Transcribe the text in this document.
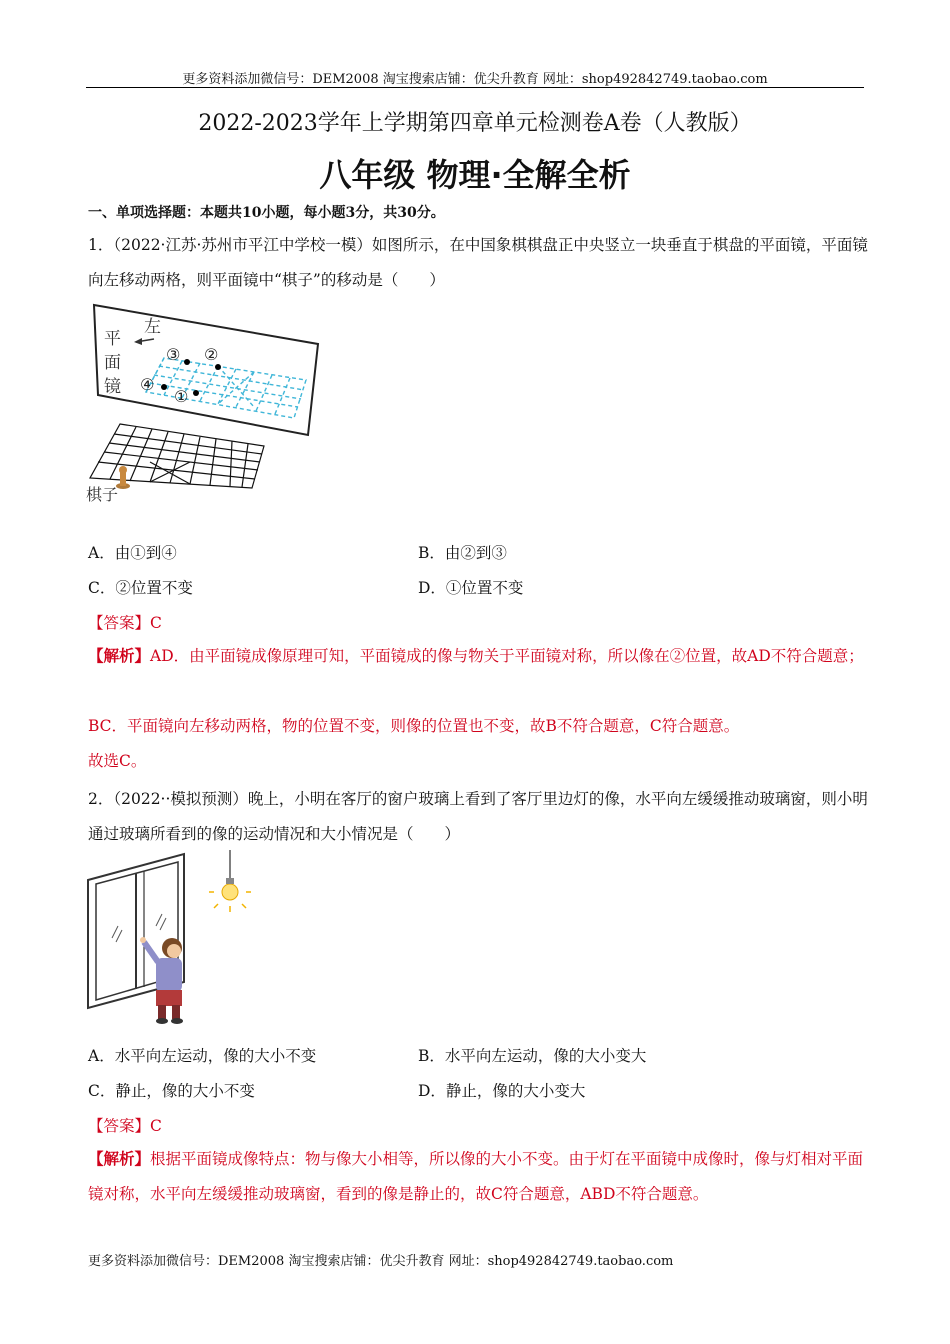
更多资料添加微信号：DEM2008 淘宝搜索店铺：优尖升教育 网址：shop492842749.taobao.com
2022-2023学年上学期第四章单元检测卷A卷（人教版）
八年级 物理·全解全析
一、单项选择题：本题共10小题，每小题3分，共30分。
1．（2022·江苏·苏州市平江中学校一模）如图所示，在中国象棋棋盘正中央竖立一块垂直于棋盘的平面镜，平面镜向左移动两格，则平面镜中“棋子”的移动是（　　）
平
面
镜
左
③ ②
④
①
棋子
A．由①到④	B．由②到③
C．②位置不变	D．①位置不变
【答案】C
【解析】AD．由平面镜成像原理可知，平面镜成的像与物关于平面镜对称，所以像在②位置，故AD不符合题意；
BC．平面镜向左移动两格，物的位置不变，则像的位置也不变，故B不符合题意，C符合题意。
故选C。
2．（2022··模拟预测）晚上，小明在客厅的窗户玻璃上看到了客厅里边灯的像，水平向左缓缓推动玻璃窗，则小明通过玻璃所看到的像的运动情况和大小情况是（　　）
A．水平向左运动，像的大小不变	B．水平向左运动，像的大小变大
C．静止，像的大小不变	D．静止，像的大小变大
【答案】C
【解析】根据平面镜成像特点：物与像大小相等，所以像的大小不变。由于灯在平面镜中成像时，像与灯相对平面镜对称，水平向左缓缓推动玻璃窗，看到的像是静止的，故C符合题意，ABD不符合题意。
更多资料添加微信号：DEM2008 淘宝搜索店铺：优尖升教育 网址：shop492842749.taobao.com
